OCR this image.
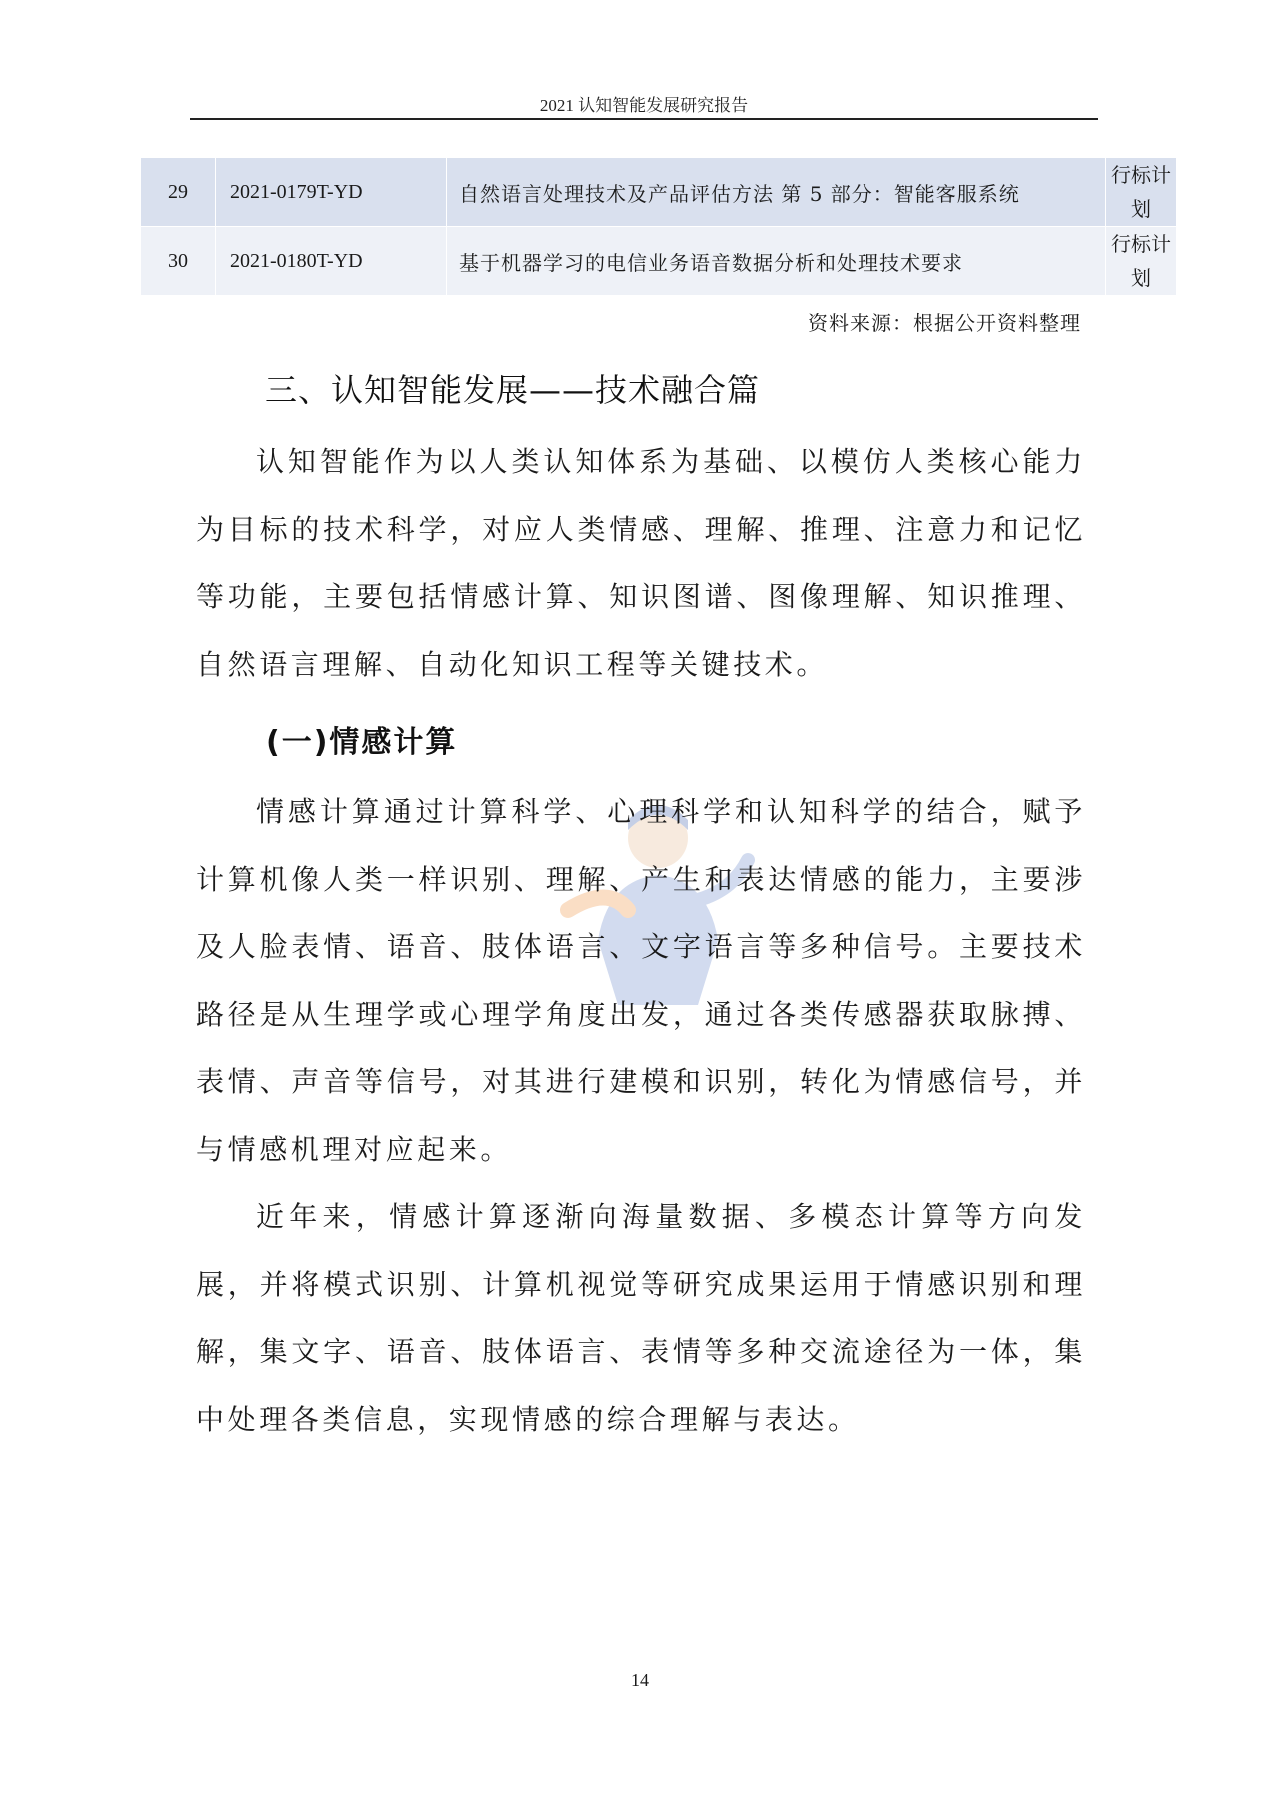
2021 认知智能发展研究报告
29	2021-0179T-YD	自然语言处理技术及产品评估方法 第 5 部分：智能客服系统	行标计划
30	2021-0180T-YD	基于机器学习的电信业务语音数据分析和处理技术要求	行标计划
资料来源：根据公开资料整理
三、认知智能发展——技术融合篇
认知智能作为以人类认知体系为基础、以模仿人类核心能力为目标的技术科学，对应人类情感、理解、推理、注意力和记忆等功能，主要包括情感计算、知识图谱、图像理解、知识推理、自然语言理解、自动化知识工程等关键技术。
(一)情感计算
情感计算通过计算科学、心理科学和认知科学的结合，赋予计算机像人类一样识别、理解、产生和表达情感的能力，主要涉及人脸表情、语音、肢体语言、文字语言等多种信号。主要技术路径是从生理学或心理学角度出发，通过各类传感器获取脉搏、表情、声音等信号，对其进行建模和识别，转化为情感信号，并与情感机理对应起来。
近年来，情感计算逐渐向海量数据、多模态计算等方向发展，并将模式识别、计算机视觉等研究成果运用于情感识别和理解，集文字、语音、肢体语言、表情等多种交流途径为一体，集中处理各类信息，实现情感的综合理解与表达。
14
